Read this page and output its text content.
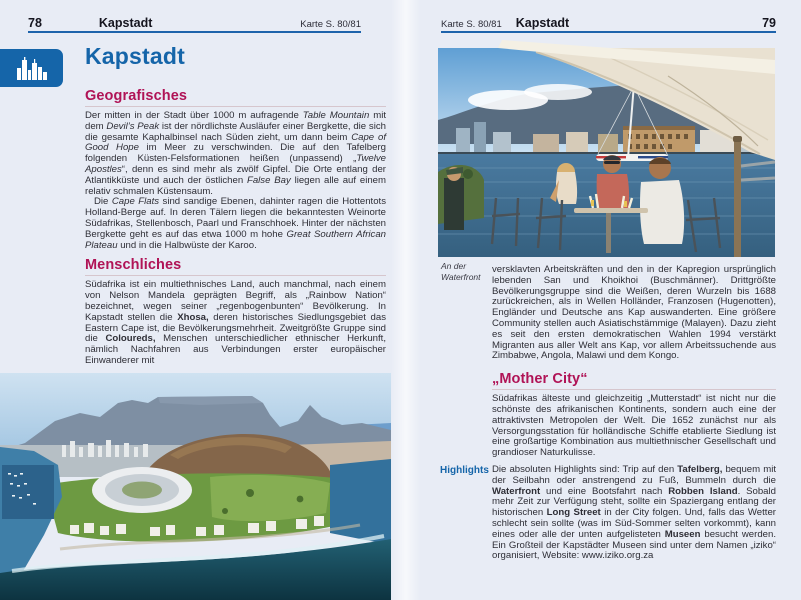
78	Kapstadt	Karte S. 80/81
Kapstadt
Geografisches

Der mitten in der Stadt über 1000 m aufragende Table Mountain mit dem Devil’s Peak ist der nördlichste Ausläufer einer Bergkette, die sich die gesamte Kaphalbinsel nach Süden zieht, um dann beim Cape of Good Hope im Meer zu verschwinden. Die auf den Tafelberg folgenden Küsten-Felsformationen heißen (unpassend) „Twelve Apostles“, denn es sind mehr als zwölf Gipfel. Die Orte entlang der Atlantikküste und auch der östlichen False Bay liegen alle auf einem relativ schmalen Küstensaum.

Die Cape Flats sind sandige Ebenen, dahinter ragen die Hottentots Holland-Berge auf. In deren Tälern liegen die bekanntesten Weinorte Südafrikas, Stellenbosch, Paarl und Franschhoek. Hinter der nächsten Bergkette geht es auf das etwa 1000 m hohe Great Southern African Plateau und in die Halbwüste der Karoo.

Menschliches

Südafrika ist ein multiethnisches Land, auch manchmal, nach einem von Nelson Mandela geprägten Begriff, als „Rainbow Nation“ bezeichnet, wegen seiner „regenbogenbunten“ Bevölkerung. In Kapstadt stellen die Xhosa, deren historisches Siedlungsgebiet das Eastern Cape ist, die Bevölkerungsmehrheit. Zweitgrößte Gruppe sind die Coloureds, Menschen unterschiedlicher ethnischer Herkunft, nämlich Nachfahren aus Verbindungen erster europäischer Einwanderer mit

Karte S. 80/81 Kapstadt	79
An der Waterfront

versklavten Arbeitskräften und den in der Kapregion ursprünglich lebenden San und Khoikhoi (Buschmänner). Drittgrößte Bevölkerungsgruppe sind die Weißen, deren Wurzeln bis 1688 zurückreichen, als in Wellen Holländer, Franzosen (Hugenotten), Engländer und Deutsche ans Kap auswanderten. Eine größere Community stellen auch Asiatischstämmige (Malayen). Dazu zieht es seit den ersten demokratischen Wahlen 1994 verstärkt Migranten aus aller Welt ans Kap, vor allem Arbeitssuchende aus Zimbabwe, Angola, Malawi und dem Kongo.

„Mother City“

Südafrikas älteste und gleichzeitig „Mutterstadt“ ist nicht nur die schönste des afrikanischen Kontinents, sondern auch eine der attraktivsten Metropolen der Welt. Die 1652 zunächst nur als Versorgungsstation für holländische Schiffe etablierte Siedlung ist eine großartige Kombination aus multiethnischer Gesellschaft und grandioser Naturkulisse.

Highlights Die absoluten Highlights sind: Trip auf den Tafelberg, bequem mit der Seilbahn oder anstrengend zu Fuß, Bummeln durch die Waterfront und eine Bootsfahrt nach Robben Island. Sobald mehr Zeit zur Verfügung steht, sollte ein Spaziergang entlang der historischen Long Street in der City folgen. Und, falls das Wetter schlecht sein sollte (was im Süd-Sommer selten vorkommt), kann eines oder alle der unten aufgelisteten Museen besucht werden. Ein Großteil der Kapstädter Museen sind unter dem Namen „iziko“ organisiert, Website: www.iziko.org.za
